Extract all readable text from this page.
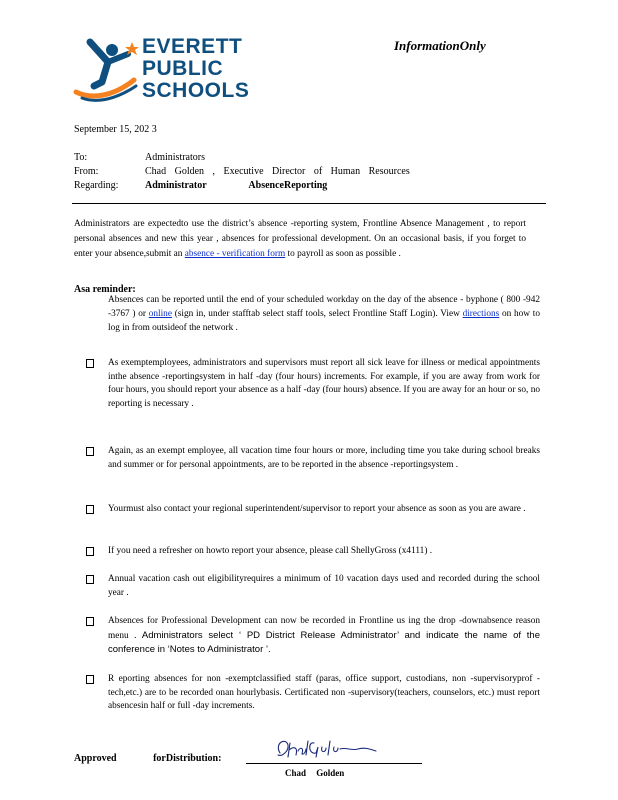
EVERETT
PUBLIC
SCHOOLS
InformationOnly
September 15, 202 3
To:	Administrators
From:	Chad Golden , Executive Director of Human Resources
Regarding:	Administrator AbsenceReporting
Administrators are expectedto use the district’s absence -reporting system, Frontline Absence Management , to report personal absences and new this year , absences for professional development. On an occasional basis, if you forget to enter your absence,submit an absence - verification form to payroll as soon as possible .
Asa reminder:
Absences can be reported until the end of your scheduled workday on the day of the absence - byphone ( 800 -942 -3767 ) or online (sign in, under stafftab select staff tools, select Frontline Staff Login). View directions on how to log in from outsideof the network .
As exemptemployees, administrators and supervisors must report all sick leave for illness or medical appointments inthe absence -reportingsystem in half -day (four hours) increments. For example, if you are away from work for four hours, you should report your absence as a half -day (four hours) absence. If you are away for an hour or so, no reporting is necessary .
Again, as an exempt employee, all vacation time four hours or more, including time you take during school breaks and summer or for personal appointments, are to be reported in the absence -reportingsystem .
Yourmust also contact your regional superintendent/supervisor to report your absence as soon as you are aware .
If you need a refresher on howto report your absence, please call ShellyGross (x4111) .
Annual vacation cash out eligibilityrequires a minimum of 10 vacation days used and recorded during the school year .
Absences for Professional Development can now be recorded in Frontline us ing the drop -downabsence reason menu . Administrators select ‘ PD District Release Administrator’ and indicate the name of the conference in ‘Notes to Administrator ’.
R eporting absences for non -exemptclassified staff (paras, office support, custodians, non -supervisoryprof -tech,etc.) are to be recorded onan hourlybasis. Certificated non -supervisory(teachers, counselors, etc.) must report absencesin half or full -day increments.
Approved forDistribution:
Chad Golden
